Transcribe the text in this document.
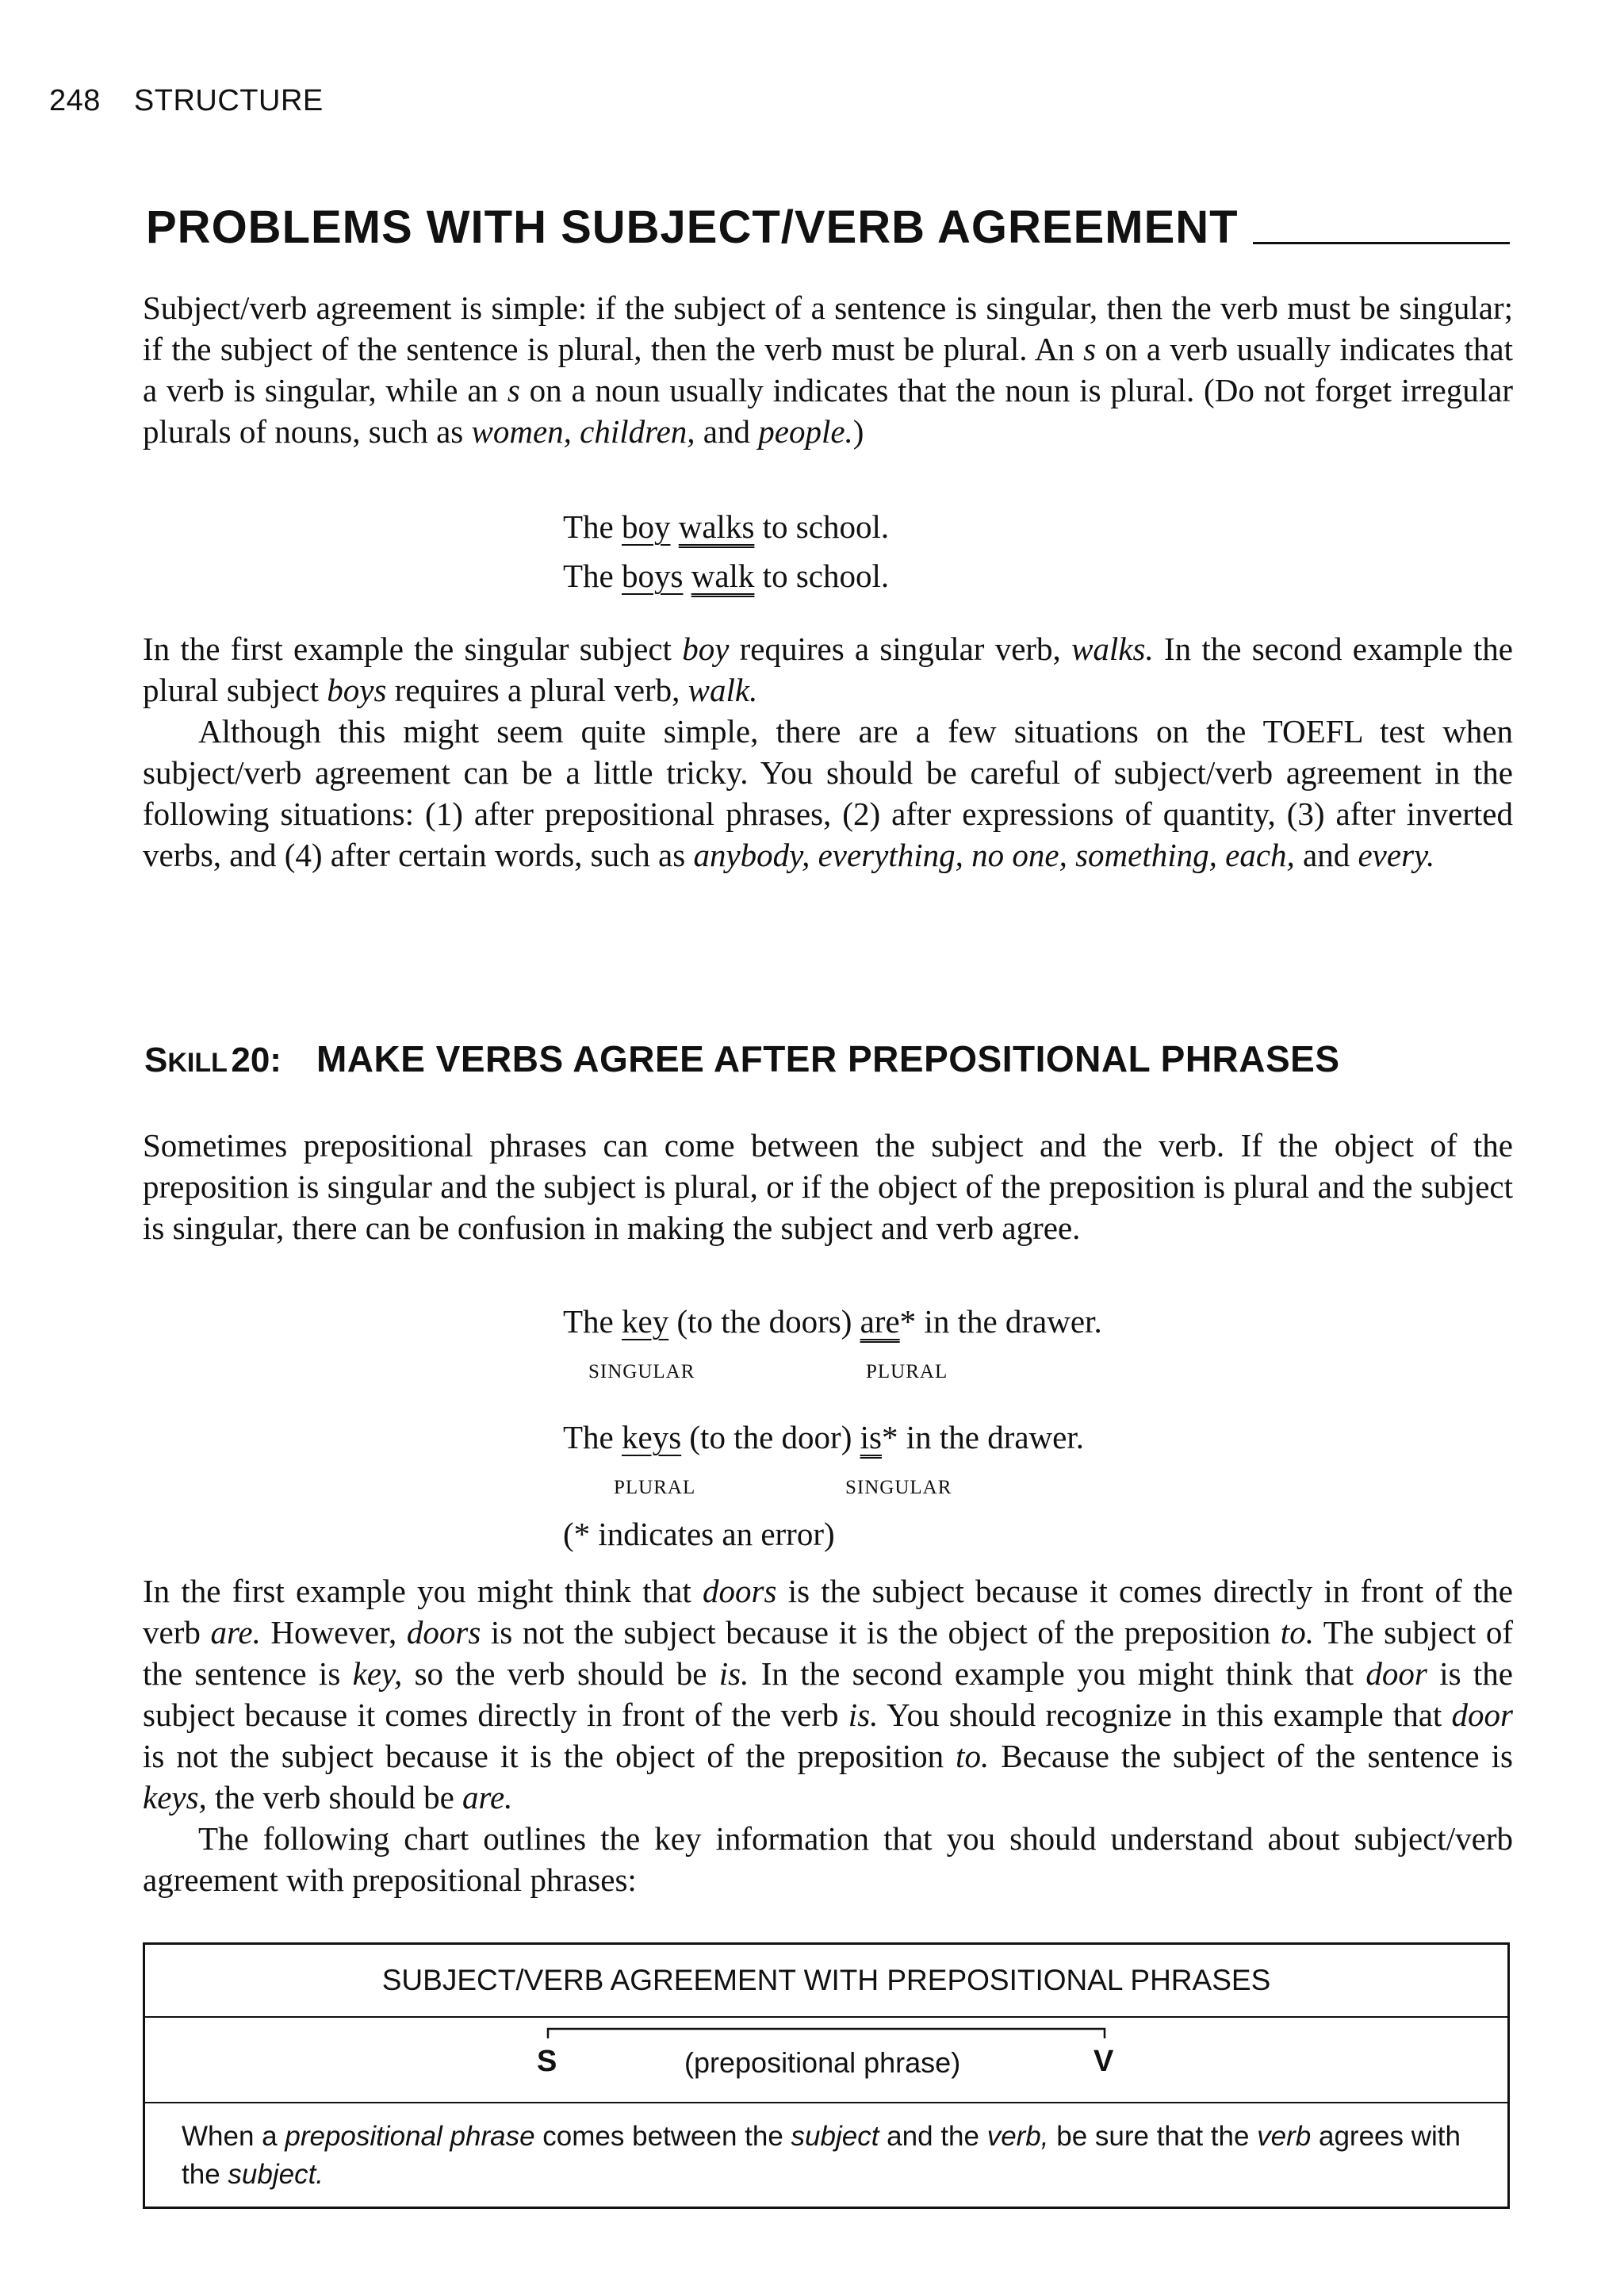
248 STRUCTURE
PROBLEMS WITH SUBJECT/VERB AGREEMENT

Subject/verb agreement is simple: if the subject of a sentence is singular, then the verb must be singular; if the subject of the sentence is plural, then the verb must be plural. An s on a verb usually indicates that a verb is singular, while an s on a noun usually indicates that the noun is plural. (Do not forget irregular plurals of nouns, such as women, children, and people.)

The boy walks to school.
The boys walk to school.

In the first example the singular subject boy requires a singular verb, walks. In the second example the plural subject boys requires a plural verb, walk.

Although this might seem quite simple, there are a few situations on the TOEFL test when subject/verb agreement can be a little tricky. You should be careful of subject/verb agreement in the following situations: (1) after prepositional phrases, (2) after expressions of quantity, (3) after inverted verbs, and (4) after certain words, such as anybody, everything, no one, something, each, and every.

SKILL 20: MAKE VERBS AGREE AFTER PREPOSITIONAL PHRASES

Sometimes prepositional phrases can come between the subject and the verb. If the object of the preposition is singular and the subject is plural, or if the object of the preposition is plural and the subject is singular, there can be confusion in making the subject and verb agree.

The key (to the doors) are* in the drawer.
SINGULAR	PLURAL
The keys (to the door) is* in the drawer.
PLURAL	SINGULAR
(* indicates an error)

In the first example you might think that doors is the subject because it comes directly in front of the verb are. However, doors is not the subject because it is the object of the preposition to. The subject of the sentence is key, so the verb should be is. In the second example you might think that door is the subject because it comes directly in front of the verb is. You should recognize in this example that door is not the subject because it is the object of the preposition to. Because the subject of the sentence is keys, the verb should be are.

The following chart outlines the key information that you should understand about subject/verb agreement with prepositional phrases:

SUBJECT/VERB AGREEMENT WITH PREPOSITIONAL PHRASES
S	(prepositional phrase)	V
When a prepositional phrase comes between the subject and the verb, be sure that the verb agrees with the subject.
